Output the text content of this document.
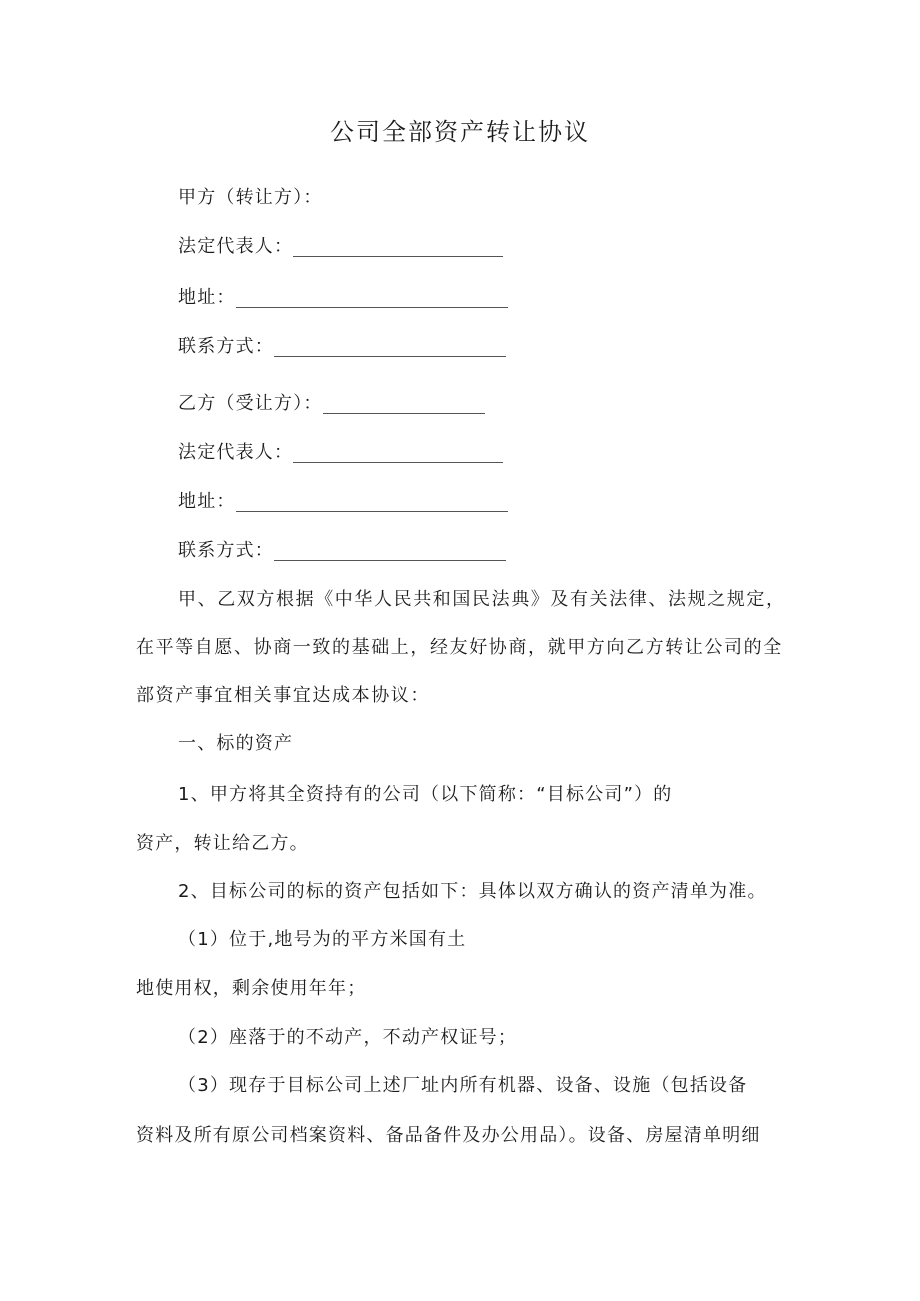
公司全部资产转让协议
甲方（转让方）：
法定代表人：
地址：
联系方式：
乙方（受让方）：
法定代表人：
地址：
联系方式：
甲、乙双方根据《中华人民共和国民法典》及有关法律、法规之规定，在平等自愿、协商一致的基础上，经友好协商，就甲方向乙方转让公司的全部资产事宜相关事宜达成本协议：
一、标的资产
1、甲方将其全资持有的公司（以下简称：“目标公司”）的
资产，转让给乙方。
2、目标公司的标的资产包括如下：具体以双方确认的资产清单为准。
（1）位于,地号为的平方米国有土
地使用权，剩余使用年年；
（2）座落于的不动产，不动产权证号；
（3）现存于目标公司上述厂址内所有机器、设备、设施（包括设备
资料及所有原公司档案资料、备品备件及办公用品）。设备、房屋清单明细
